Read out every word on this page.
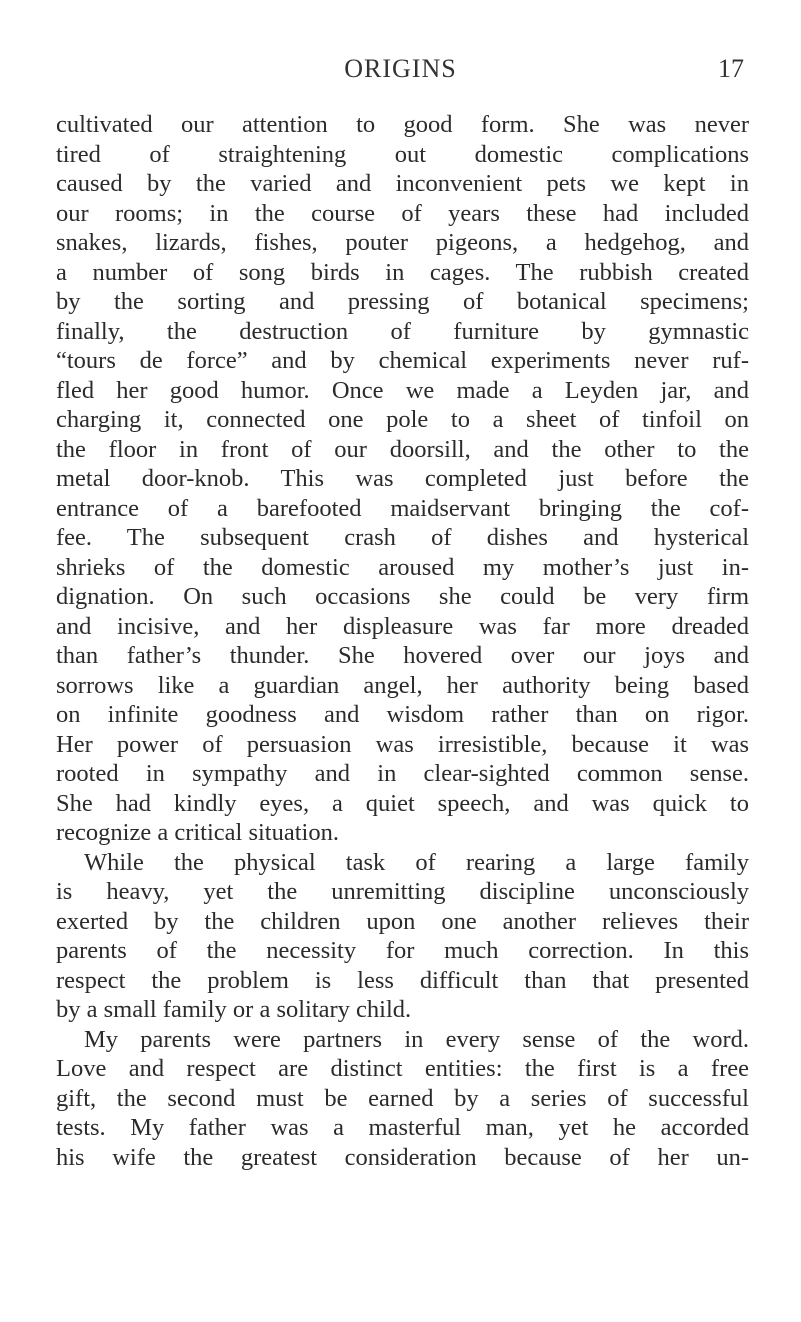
ORIGINS	17
cultivated our attention to good form. She was never
tired of straightening out domestic complications
caused by the varied and inconvenient pets we kept in
our rooms; in the course of years these had included
snakes, lizards, fishes, pouter pigeons, a hedgehog, and
a number of song birds in cages. The rubbish created
by the sorting and pressing of botanical specimens;
finally, the destruction of furniture by gymnastic
“tours de force” and by chemical experiments never ruf-
fled her good humor. Once we made a Leyden jar, and
charging it, connected one pole to a sheet of tinfoil on
the floor in front of our doorsill, and the other to the
metal door-knob. This was completed just before the
entrance of a barefooted maidservant bringing the cof-
fee. The subsequent crash of dishes and hysterical
shrieks of the domestic aroused my mother’s just in-
dignation. On such occasions she could be very firm
and incisive, and her displeasure was far more dreaded
than father’s thunder. She hovered over our joys and
sorrows like a guardian angel, her authority being based
on infinite goodness and wisdom rather than on rigor.
Her power of persuasion was irresistible, because it was
rooted in sympathy and in clear-sighted common sense.
She had kindly eyes, a quiet speech, and was quick to
recognize a critical situation.
While the physical task of rearing a large family
is heavy, yet the unremitting discipline unconsciously
exerted by the children upon one another relieves their
parents of the necessity for much correction. In this
respect the problem is less difficult than that presented
by a small family or a solitary child.
My parents were partners in every sense of the word.
Love and respect are distinct entities: the first is a free
gift, the second must be earned by a series of successful
tests. My father was a masterful man, yet he accorded
his wife the greatest consideration because of her un-
